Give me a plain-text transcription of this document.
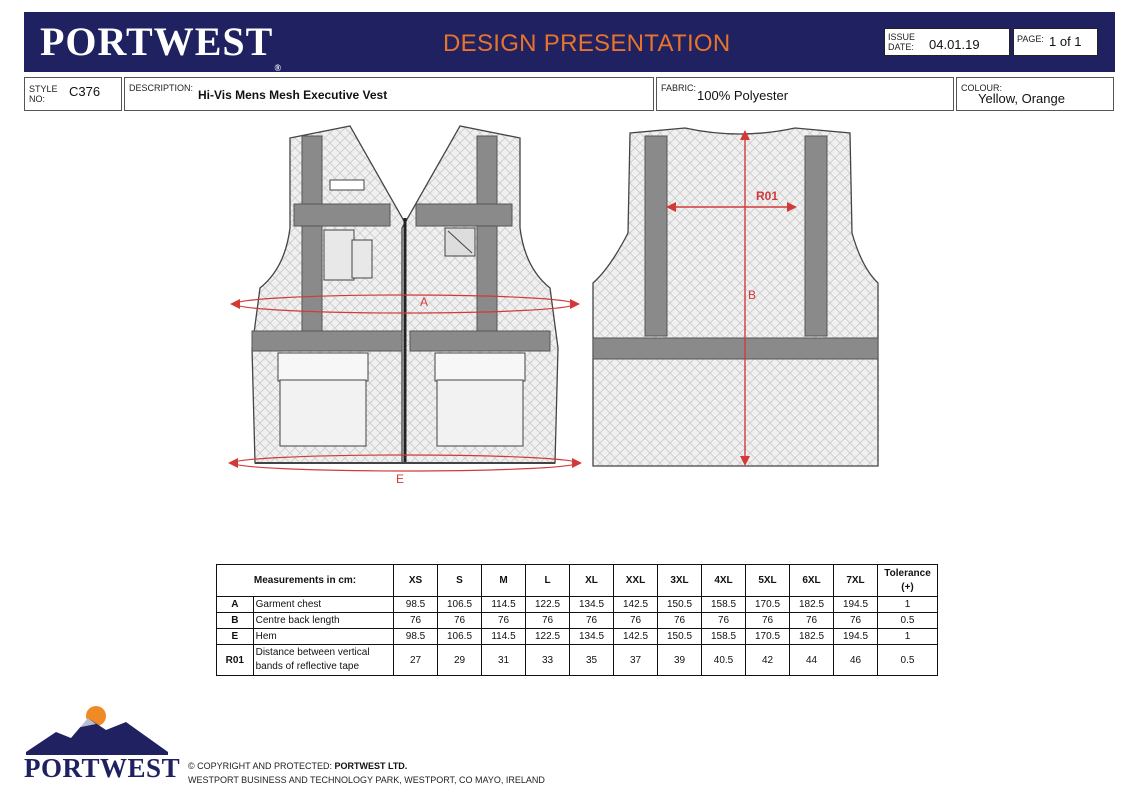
PORTWEST®
DESIGN PRESENTATION	ISSUE
DATE: 04.01.19	PAGE: 1 of 1
STYLE
NO:	C376	DESCRIPTION: Hi-Vis Mens Mesh Executive Vest	FABRIC: 100% Polyester	COLOUR:
Yellow, Orange
A
E
R01
B
Measurements in cm:		XS	S	M	L	XL	XXL	3XL	4XL	5XL	6XL	7XL	Tolerance
(+)

A	Garment chest	98.5	106.5	114.5	122.5	134.5	142.5	150.5	158.5	170.5	182.5	194.5	1
B	Centre back length	76	76	76	76	76	76	76	76	76	76	76	0.5
E	Hem	98.5	106.5	114.5	122.5	134.5	142.5	150.5	158.5	170.5	182.5	194.5	1
R01	Distance between vertical
bands of reflective tape	27	29	31	33	35	37	39	40.5	42	44	46	0.5
PORTWEST © COPYRIGHT AND PROTECTED: PORTWEST LTD.
WESTPORT BUSINESS AND TECHNOLOGY PARK, WESTPORT, CO MAYO, IRELAND
